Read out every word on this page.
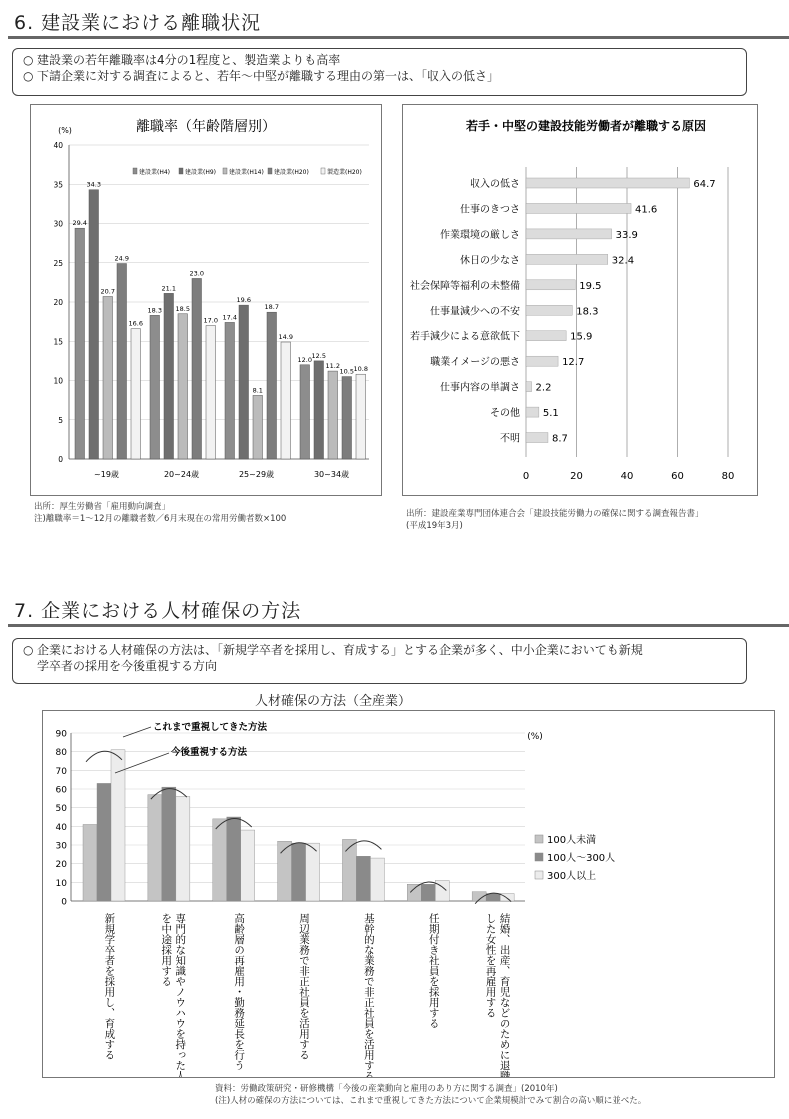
6. 建設業における離職状況
○ 建設業の若年離職率は4分の1程度と、製造業よりも高率
○ 下請企業に対する調査によると、若年～中堅が離職する理由の第一は、「収入の低さ」
離職率（年齢階層別）
(%)
0
5
10
15
20
25
30
35
40
29.4
34.3
20.7
24.9
16.6
~19歳
18.3
21.1
18.5
23.0
17.0
20~24歳
17.4
19.6
8.1
18.7
14.9
25~29歳
12.0 12.5
11.2
10.5 10.8
30~34歳
建設業(H4) 建設業(H9) 建設業(H14) 建設業(H20)	製造業(H20)
出所：厚生労働省「雇用動向調査」
注)離職率＝1～12月の離職者数／6月末現在の常用労働者数×100
若手・中堅の建設技能労働者が離職する原因
0	20	40	60	80
収入の低さ	64.7
仕事のきつさ	41.6
作業環境の厳しさ	33.9
休日の少なさ	32.4
社会保障等福利の未整備	19.5
仕事量減少への不安	18.3
若手減少による意欲低下	15.9
職業イメージの悪さ	12.7
仕事内容の単調さ 2.2
その他 5.1
不明	8.7
出所：建設産業専門団体連合会「建設技能労働力の確保に関する調査報告書」
(平成19年3月)
7. 企業における人材確保の方法
○ 企業における人材確保の方法は、「新規学卒者を採用し、育成する」とする企業が多く、中小企業においても新規
学卒者の採用を今後重視する方向
人材確保の方法（全産業）
0
10
20
30
40
50
60
70
80
90	(%)
新規学卒者を採用し、育成する	専門的な知識やノウハウを持った人
を中途採用する	高齢層の再雇用・勤務延長を行う	周辺業務で非正社員を活用する	基幹的な業務で非正社員を活用する	任期付き社員を採用する	結婚、出産、育児などのために退職
した女性を再雇用する
これまで重視してきた方法
今後重視する方法
100人未満
100人～300人
300人以上
資料：労働政策研究・研修機構「今後の産業動向と雇用のあり方に関する調査」(2010年)
(注)人材の確保の方法については、これまで重視してきた方法について企業規模計でみて割合の高い順に並べた。
